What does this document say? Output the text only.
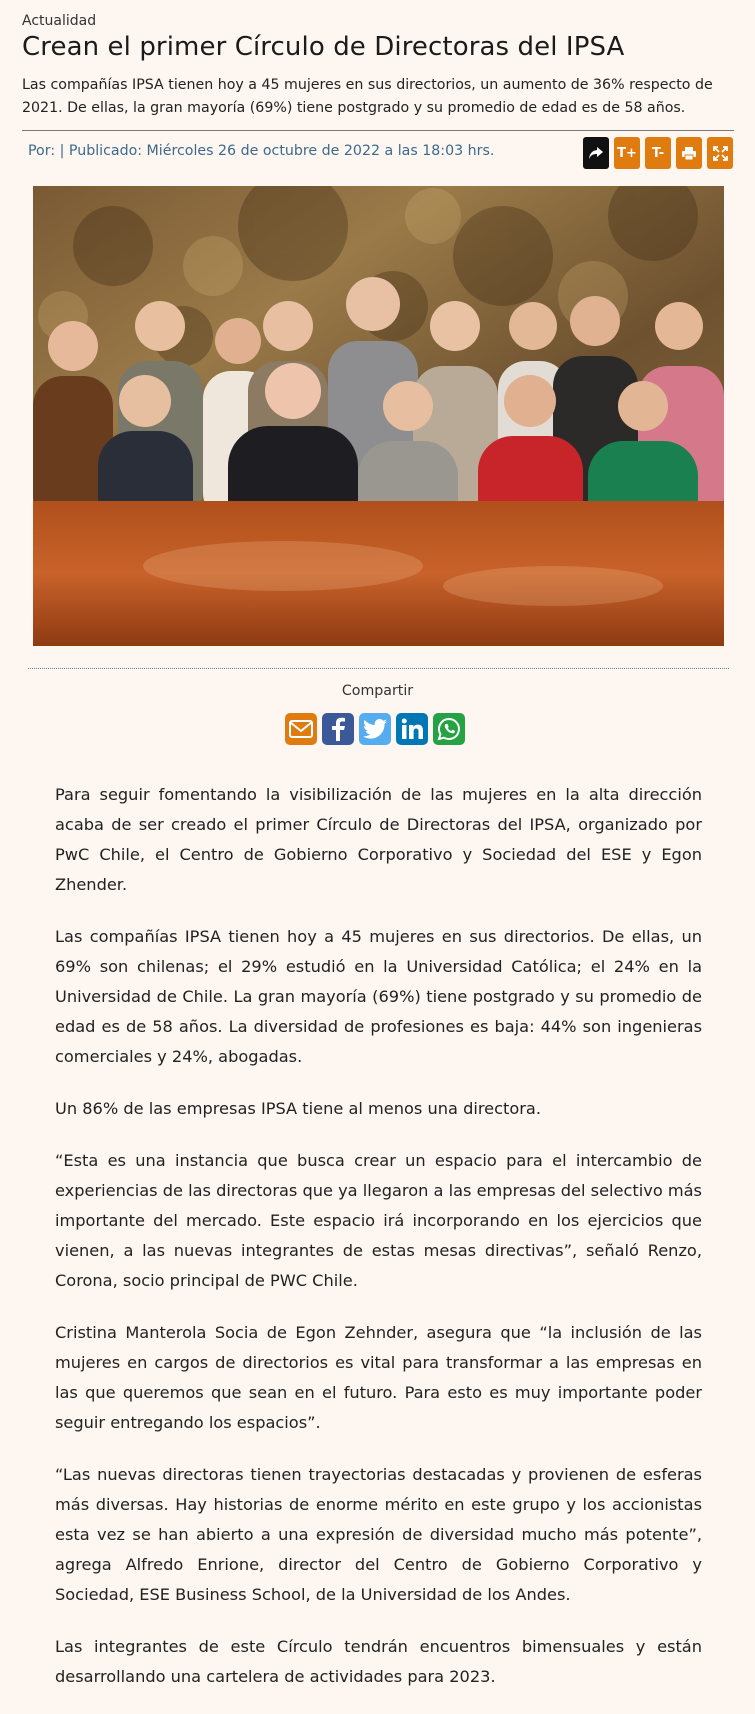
Actualidad
Crean el primer Círculo de Directoras del IPSA
Las compañías IPSA tienen hoy a 45 mujeres en sus directorios, un aumento de 36% respecto de 2021. De ellas, la gran mayoría (69%) tiene postgrado y su promedio de edad es de 58 años.
Por: | Publicado: Miércoles 26 de octubre de 2022 a las 18:03 hrs.	T+	T-
Compartir

Para seguir fomentando la visibilización de las mujeres en la alta dirección acaba de ser creado el primer Círculo de Directoras del IPSA, organizado por PwC Chile, el Centro de Gobierno Corporativo y Sociedad del ESE y Egon Zhender.

Las compañías IPSA tienen hoy a 45 mujeres en sus directorios. De ellas, un 69% son chilenas; el 29% estudió en la Universidad Católica; el 24% en la Universidad de Chile. La gran mayoría (69%) tiene postgrado y su promedio de edad es de 58 años. La diversidad de profesiones es baja: 44% son ingenieras comerciales y 24%, abogadas.

Un 86% de las empresas IPSA tiene al menos una directora.

“Esta es una instancia que busca crear un espacio para el intercambio de experiencias de las directoras que ya llegaron a las empresas del selectivo más importante del mercado. Este espacio irá incorporando en los ejercicios que vienen, a las nuevas integrantes de estas mesas directivas”, señaló Renzo, Corona, socio principal de PWC Chile.

Cristina Manterola Socia de Egon Zehnder, asegura que “la inclusión de las mujeres en cargos de directorios es vital para transformar a las empresas en las que queremos que sean en el futuro. Para esto es muy importante poder seguir entregando los espacios”.

“Las nuevas directoras tienen trayectorias destacadas y provienen de esferas más diversas. Hay historias de enorme mérito en este grupo y los accionistas esta vez se han abierto a una expresión de diversidad mucho más potente”, agrega Alfredo Enrione, director del Centro de Gobierno Corporativo y Sociedad, ESE Business School, de la Universidad de los Andes.

Las integrantes de este Círculo tendrán encuentros bimensuales y están desarrollando una cartelera de actividades para 2023.
